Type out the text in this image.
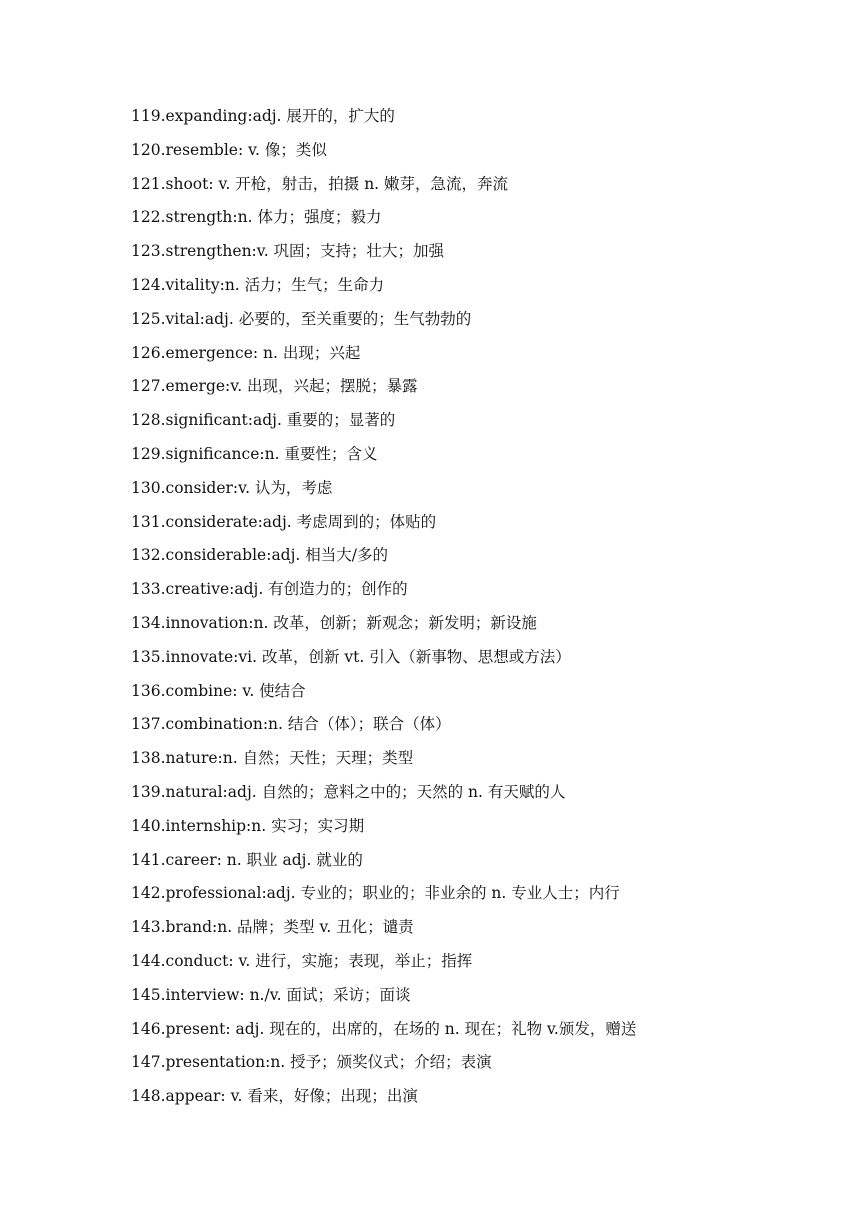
119.expanding:adj. 展开的，扩大的
120.resemble: v. 像；类似
121.shoot: v. 开枪，射击，拍摄 n. 嫩芽，急流，奔流
122.strength:n. 体力；强度；毅力
123.strengthen:v. 巩固；支持；壮大；加强
124.vitality:n. 活力；生气；生命力
125.vital:adj. 必要的，至关重要的；生气勃勃的
126.emergence: n. 出现；兴起
127.emerge:v. 出现，兴起；摆脱；暴露
128.significant:adj. 重要的；显著的
129.significance:n. 重要性；含义
130.consider:v. 认为，考虑
131.considerate:adj. 考虑周到的；体贴的
132.considerable:adj. 相当大/多的
133.creative:adj. 有创造力的；创作的
134.innovation:n. 改革，创新；新观念；新发明；新设施
135.innovate:vi. 改革，创新 vt. 引入（新事物、思想或方法）
136.combine: v. 使结合
137.combination:n. 结合（体）；联合（体）
138.nature:n. 自然；天性；天理；类型
139.natural:adj. 自然的；意料之中的；天然的 n. 有天赋的人
140.internship:n. 实习；实习期
141.career: n. 职业 adj. 就业的
142.professional:adj. 专业的；职业的；非业余的 n. 专业人士；内行
143.brand:n. 品牌；类型 v. 丑化；谴责
144.conduct: v. 进行，实施；表现，举止；指挥
145.interview: n./v. 面试；采访；面谈
146.present: adj. 现在的，出席的，在场的 n. 现在；礼物 v.颁发，赠送
147.presentation:n. 授予；颁奖仪式；介绍；表演
148.appear: v. 看来，好像；出现；出演
